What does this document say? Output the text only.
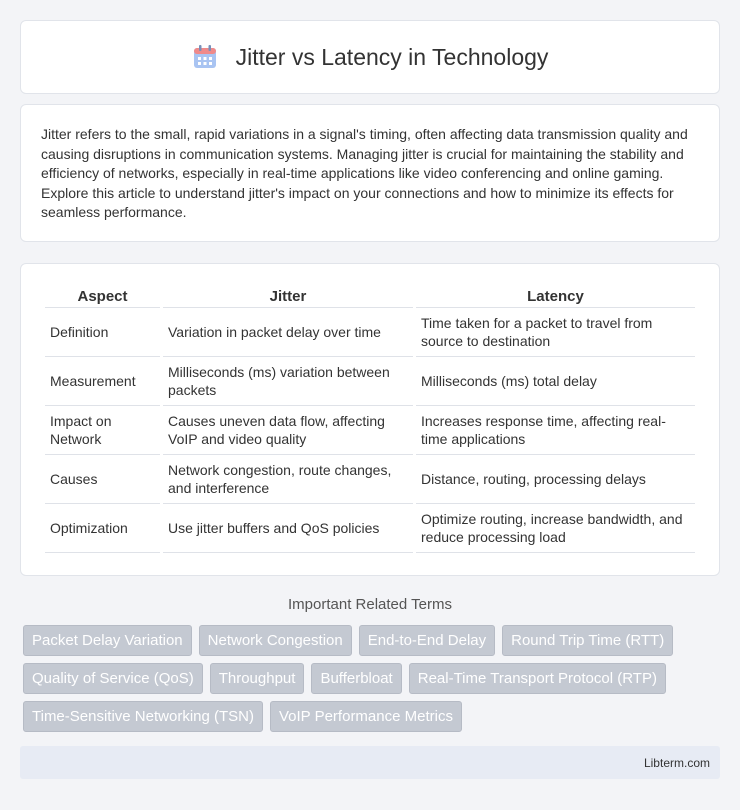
Jitter vs Latency in Technology

Jitter refers to the small, rapid variations in a signal's timing, often affecting data transmission quality and causing disruptions in communication systems. Managing jitter is crucial for maintaining the stability and efficiency of networks, especially in real-time applications like video conferencing and online gaming. Explore this article to understand jitter's impact on your connections and how to minimize its effects for seamless performance.

Aspect	Jitter	Latency
Definition	Variation in packet delay over time	Time taken for a packet to travel from source to destination
Measurement	Milliseconds (ms) variation between packets	Milliseconds (ms) total delay
Impact on Network	Causes uneven data flow, affecting VoIP and video quality	Increases response time, affecting real-time applications
Causes	Network congestion, route changes, and interference	Distance, routing, processing delays
Optimization	Use jitter buffers and QoS policies	Optimize routing, increase bandwidth, and reduce processing load
Important Related Terms
Packet Delay Variation	Network Congestion	End-to-End Delay	Round Trip Time (RTT)
Quality of Service (QoS)	Throughput	Bufferbloat	Real-Time Transport Protocol (RTP)
Time-Sensitive Networking (TSN)	VoIP Performance Metrics
Libterm.com
